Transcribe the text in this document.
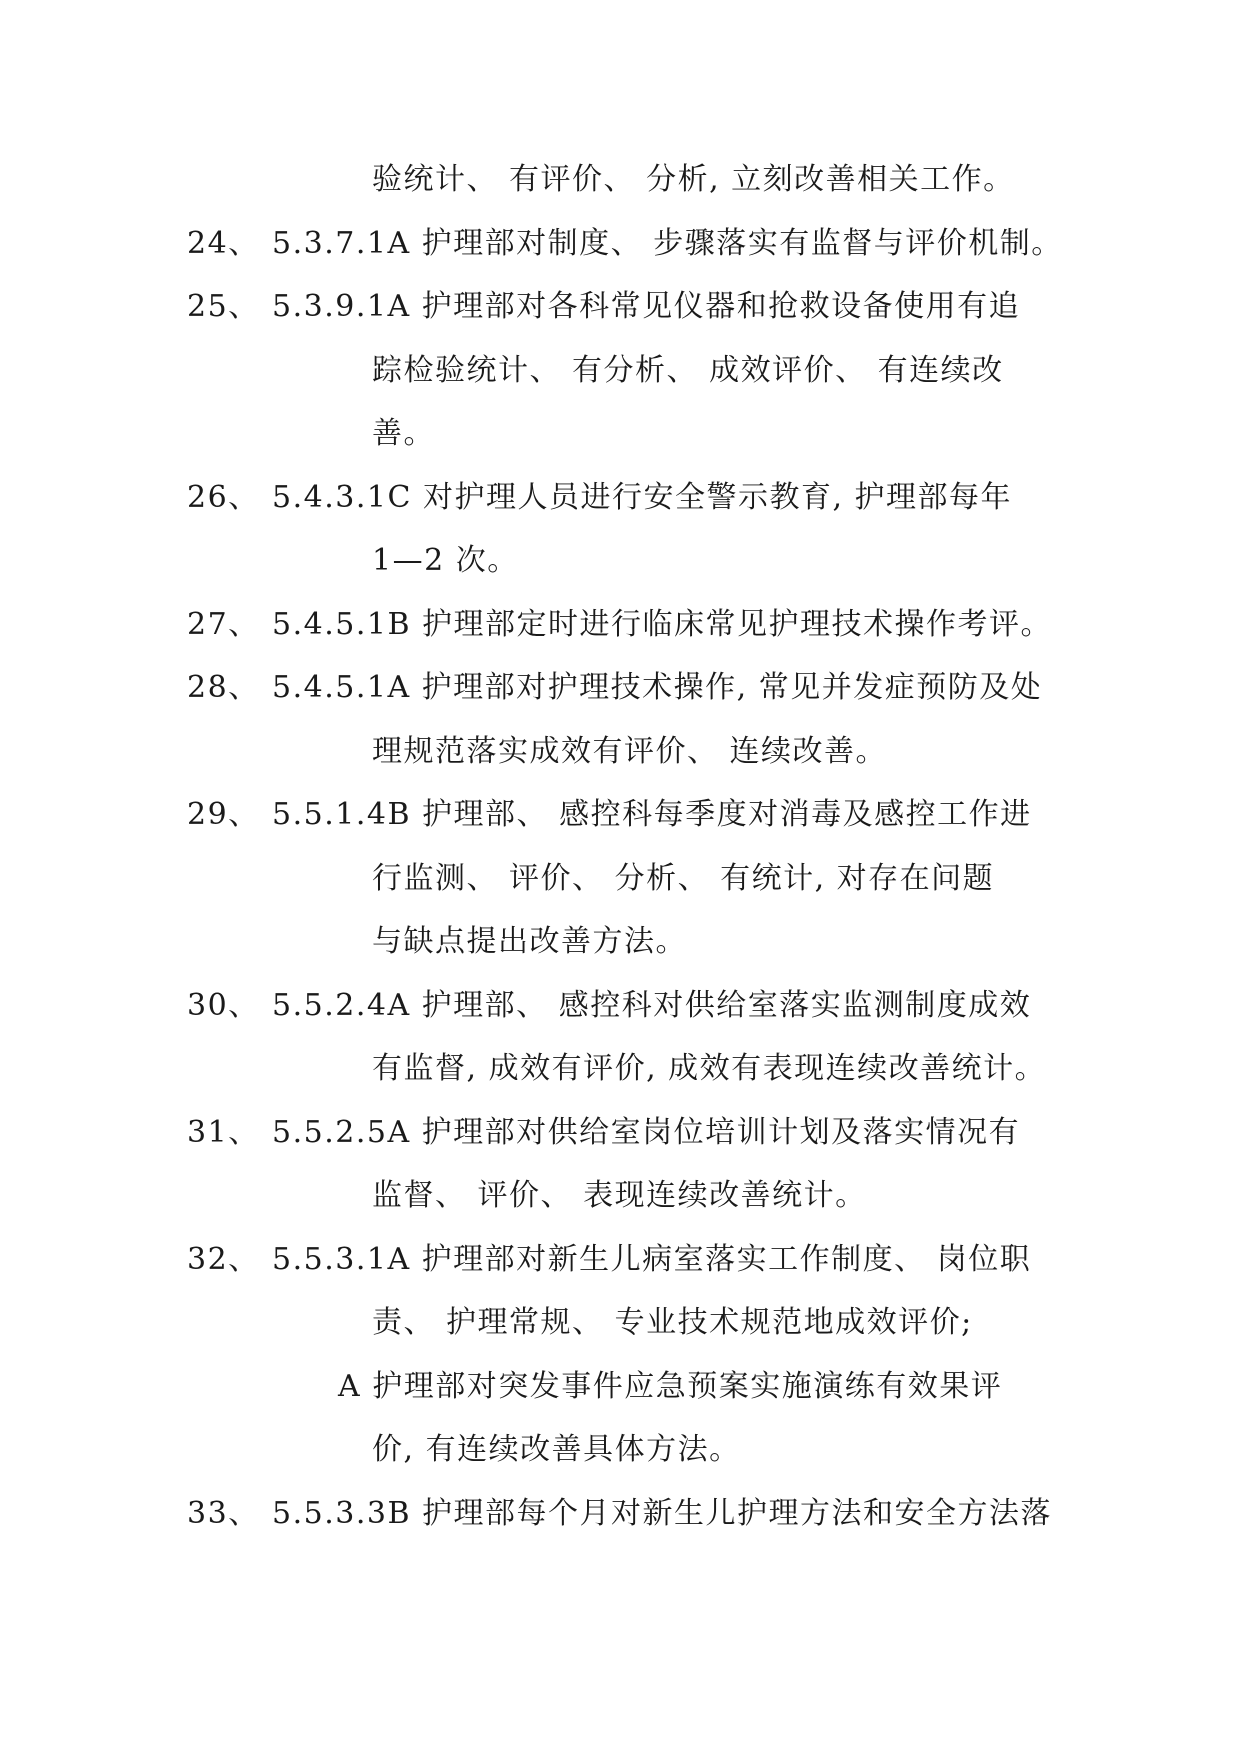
验统计、 有评价、 分析, 立刻改善相关工作。
24、 5.3.7.1A 护理部对制度、 步骤落实有监督与评价机制。
25、 5.3.9.1A 护理部对各科常见仪器和抢救设备使用有追
踪检验统计、 有分析、 成效评价、 有连续改
善。
26、 5.4.3.1C 对护理人员进行安全警示教育, 护理部每年
1—2 次。
27、 5.4.5.1B 护理部定时进行临床常见护理技术操作考评。
28、 5.4.5.1A 护理部对护理技术操作, 常见并发症预防及处
理规范落实成效有评价、 连续改善。
29、 5.5.1.4B 护理部、 感控科每季度对消毒及感控工作进
行监测、 评价、 分析、 有统计, 对存在问题
与缺点提出改善方法。
30、 5.5.2.4A 护理部、 感控科对供给室落实监测制度成效
有监督, 成效有评价, 成效有表现连续改善统计。
31、 5.5.2.5A 护理部对供给室岗位培训计划及落实情况有
监督、 评价、 表现连续改善统计。
32、 5.5.3.1A 护理部对新生儿病室落实工作制度、 岗位职
责、 护理常规、 专业技术规范地成效评价;
A 护理部对突发事件应急预案实施演练有效果评
价, 有连续改善具体方法。
33、 5.5.3.3B 护理部每个月对新生儿护理方法和安全方法落
